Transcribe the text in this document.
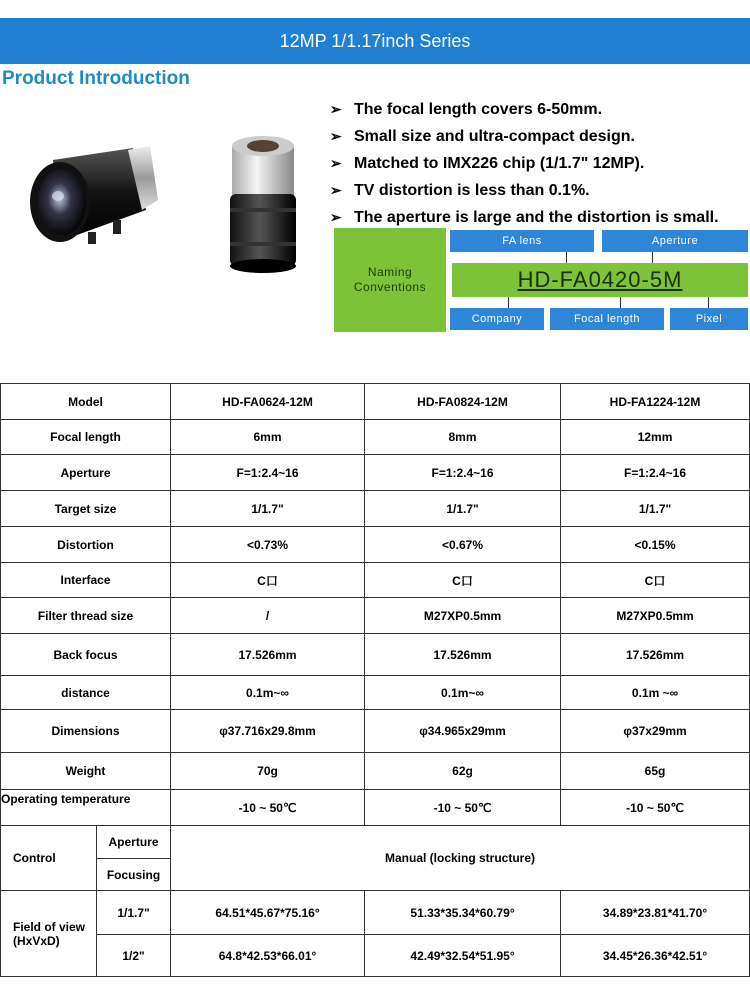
12MP 1/1.17inch Series
Product Introduction
➢ The focal length covers 6-50mm.
➢ Small size and ultra-compact design.
➢ Matched to IMX226 chip (1/1.7" 12MP).
➢ TV distortion is less than 0.1%.
➢ The aperture is large and the distortion is small.
Naming
Conventions
FA lens	Aperture
HD-FA04 20 -5M
Company	Focal length	Pixel
Model		HD-FA0624-12M	HD-FA0824-12M	HD-FA1224-12M
Focal length		6mm	8mm	12mm
Aperture		F=1:2.4~16	F=1:2.4~16	F=1:2.4~16
Target size		1/1.7"	1/1.7"	1/1.7"
Distortion		<0.73%	<0.67%	<0.15%
Interface		C口	C口	C口
Filter thread size		/	M27XP0.5mm	M27XP0.5mm
Back focus		17.526mm	17.526mm	17.526mm
distance		0.1m~∞	0.1m~∞	0.1m ~∞
Dimensions		φ37.716x29.8mm	φ34.965x29mm	φ37x29mm
Weight		70g	62g	65g
Operating temperature		-10 ~ 50℃	-10 ~ 50℃	-10 ~ 50℃
Control	Aperture	Manual (locking structure)		
	Focusing			
Field of view
(HxVxD)	1/1.7"	64.51*45.67*75.16°	51.33*35.34*60.79°	34.89*23.81*41.70°
	1/2"	64.8*42.53*66.01°	42.49*32.54*51.95°	34.45*26.36*42.51°
